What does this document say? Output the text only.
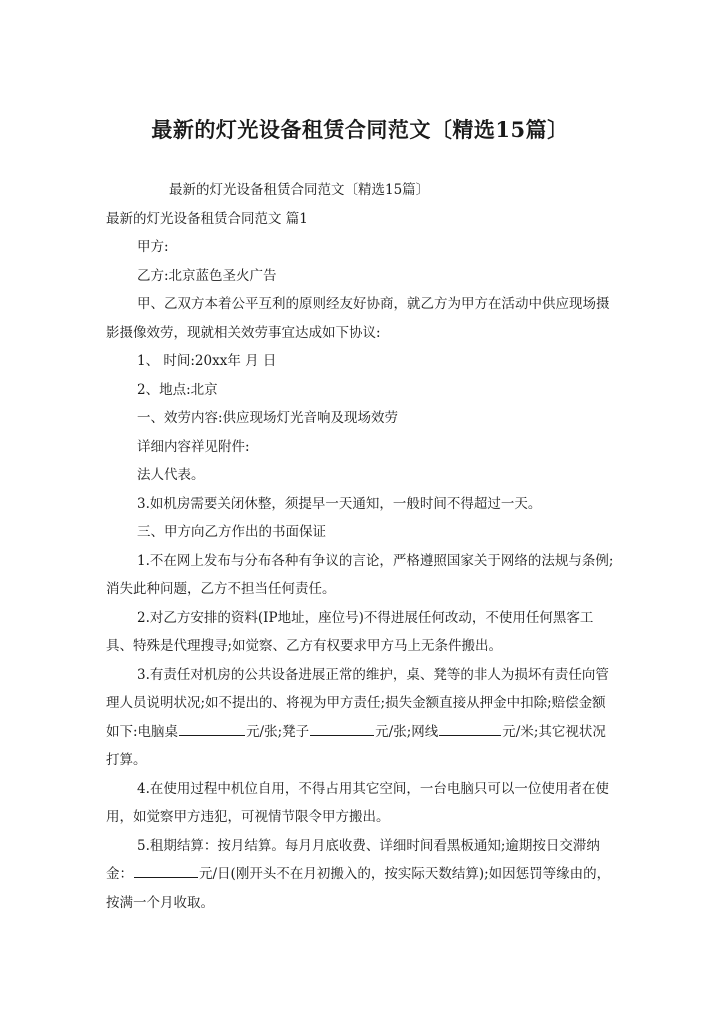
最新的灯光设备租赁合同范文〔精选15篇〕

最新的灯光设备租赁合同范文〔精选15篇〕

最新的灯光设备租赁合同范文 篇1

甲方:

乙方:北京蓝色圣火广告

甲、乙双方本着公平互利的原则经友好协商，就乙方为甲方在活动中供应现场摄影摄像效劳，现就相关效劳事宜达成如下协议:

1、 时间:20xx年 月 日

2、地点:北京

一、效劳内容:供应现场灯光音响及现场效劳

详细内容祥见附件:

法人代表。

3.如机房需要关闭休整，须提早一天通知，一般时间不得超过一天。

三、甲方向乙方作出的书面保证

1.不在网上发布与分布各种有争议的言论，严格遵照国家关于网络的法规与条例;消失此种问题，乙方不担当任何责任。

2.对乙方安排的资料(IP地址，座位号)不得进展任何改动，不使用任何黑客工具、特殊是代理搜寻;如觉察、乙方有权要求甲方马上无条件搬出。

3.有责任对机房的公共设备进展正常的维护，桌、凳等的非人为损坏有责任向管理人员说明状况;如不提出的、将视为甲方责任;损失金额直接从押金中扣除;赔偿金额如下:电脑桌	元/张;凳子	元/张;网线	元/米;其它视状况打算。

4.在使用过程中机位自用，不得占用其它空间，一台电脑只可以一位使用者在使用，如觉察甲方违犯，可视情节限令甲方搬出。

5.租期结算：按月结算。每月月底收费、详细时间看黑板通知;逾期按日交滞纳金：	元/日(刚开头不在月初搬入的，按实际天数结算);如因惩罚等缘由的，按满一个月收取。
